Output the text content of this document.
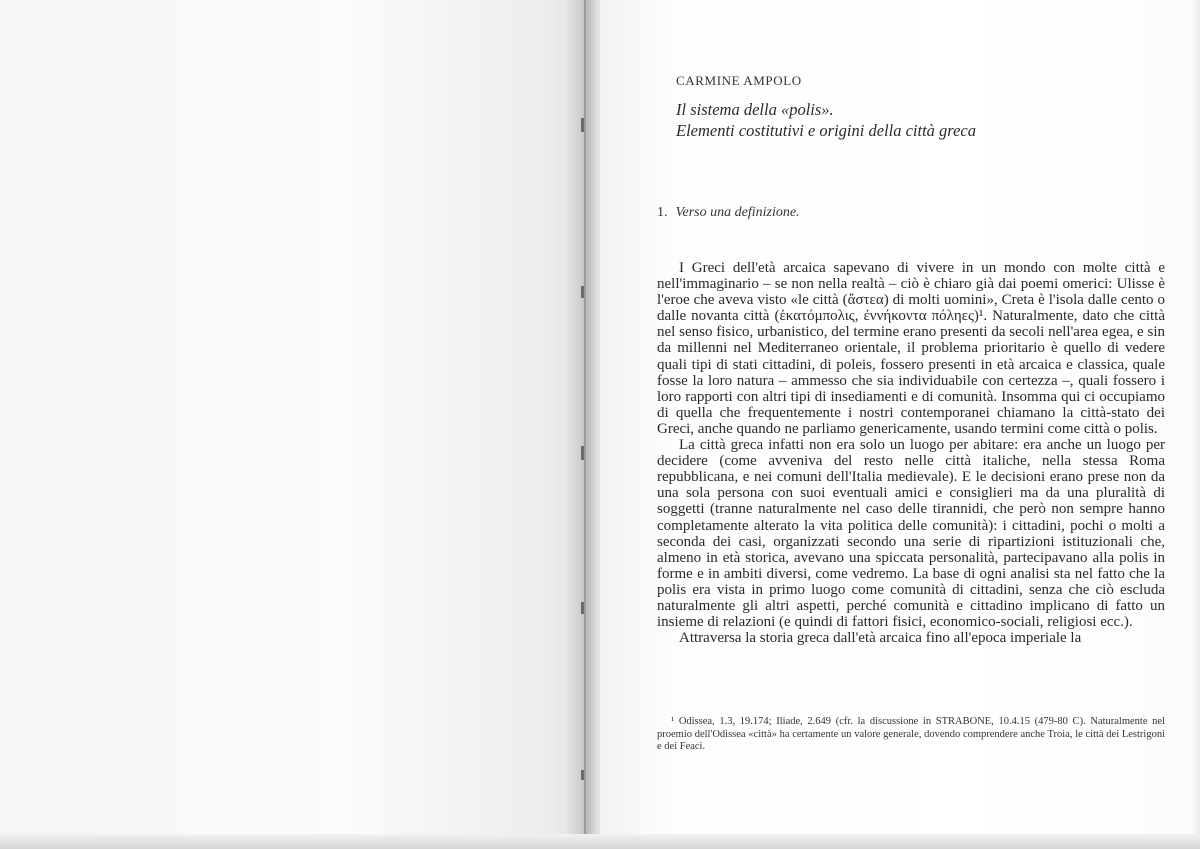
CARMINE AMPOLO
Il sistema della «polis».
Elementi costitutivi e origini della città greca
1. Verso una definizione.

I Greci dell'età arcaica sapevano di vivere in un mondo con molte città e nell'immaginario – se non nella realtà – ciò è chiaro già dai poemi omerici: Ulisse è l'eroe che aveva visto «le città (ἄστεα) di molti uomini», Creta è l'isola dalle cento o dalle novanta città (ἑκατόμπολις, ἐννήκοντα πόληες)¹. Naturalmente, dato che città nel senso fisico, urbanistico, del termine erano presenti da secoli nell'area egea, e sin da millenni nel Mediterraneo orientale, il problema prioritario è quello di vedere quali tipi di stati cittadini, di poleis, fossero presenti in età arcaica e classica, quale fosse la loro natura – ammesso che sia individuabile con certezza –, quali fossero i loro rapporti con altri tipi di insediamenti e di comunità. Insomma qui ci occupiamo di quella che frequentemente i nostri contemporanei chiamano la città-stato dei Greci, anche quando ne parliamo genericamente, usando termini come città o polis.

La città greca infatti non era solo un luogo per abitare: era anche un luogo per decidere (come avveniva del resto nelle città italiche, nella stessa Roma repubblicana, e nei comuni dell'Italia medievale). E le decisioni erano prese non da una sola persona con suoi eventuali amici e consiglieri ma da una pluralità di soggetti (tranne naturalmente nel caso delle tirannidi, che però non sempre hanno completamente alterato la vita politica delle comunità): i cittadini, pochi o molti a seconda dei casi, organizzati secondo una serie di ripartizioni istituzionali che, almeno in età storica, avevano una spiccata personalità, partecipavano alla polis in forme e in ambiti diversi, come vedremo. La base di ogni analisi sta nel fatto che la polis era vista in primo luogo come comunità di cittadini, senza che ciò escluda naturalmente gli altri aspetti, perché comunità e cittadino implicano di fatto un insieme di relazioni (e quindi di fattori fisici, economico-sociali, religiosi ecc.).

Attraversa la storia greca dall'età arcaica fino all'epoca imperiale la

¹ Odissea, 1.3, 19.174; Iliade, 2.649 (cfr. la discussione in STRABONE, 10.4.15 (479-80 C). Naturalmente nel proemio dell'Odissea «città» ha certamente un valore generale, dovendo comprendere anche Troia, le città dei Lestrigoni e dei Feaci.
